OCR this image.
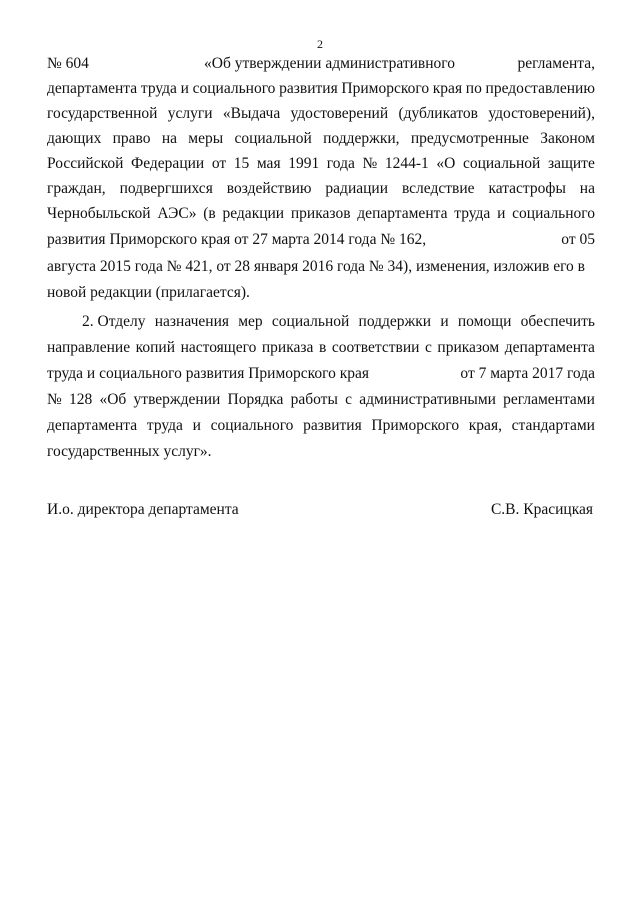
2
№ 604	«Об утверждении административного	регламента,
департамента труда и социального развития Приморского края по предоставлению
государственной услуги «Выдача удостоверений (дубликатов удостоверений),
дающих право на меры социальной поддержки, предусмотренные Законом
Российской Федерации от 15 мая 1991 года № 1244-1 «О социальной защите
граждан, подвергшихся воздействию радиации вследствие катастрофы на
Чернобыльской АЭС» (в редакции приказов департамента труда и социального
развития Приморского края от 27 марта 2014 года № 162,	от 05
августа 2015 года № 421, от 28 января 2016 года № 34), изменения, изложив его в
новой редакции (прилагается).
2. Отделу назначения мер социальной поддержки и помощи обеспечить
направление копий настоящего приказа в соответствии с приказом департамента
труда и социального развития Приморского края	от 7 марта 2017 года
№ 128 «Об утверждении Порядка работы с административными регламентами
департамента труда и социального развития Приморского края, стандартами
государственных услуг».
И.о. директора департамента	С.В. Красицкая
